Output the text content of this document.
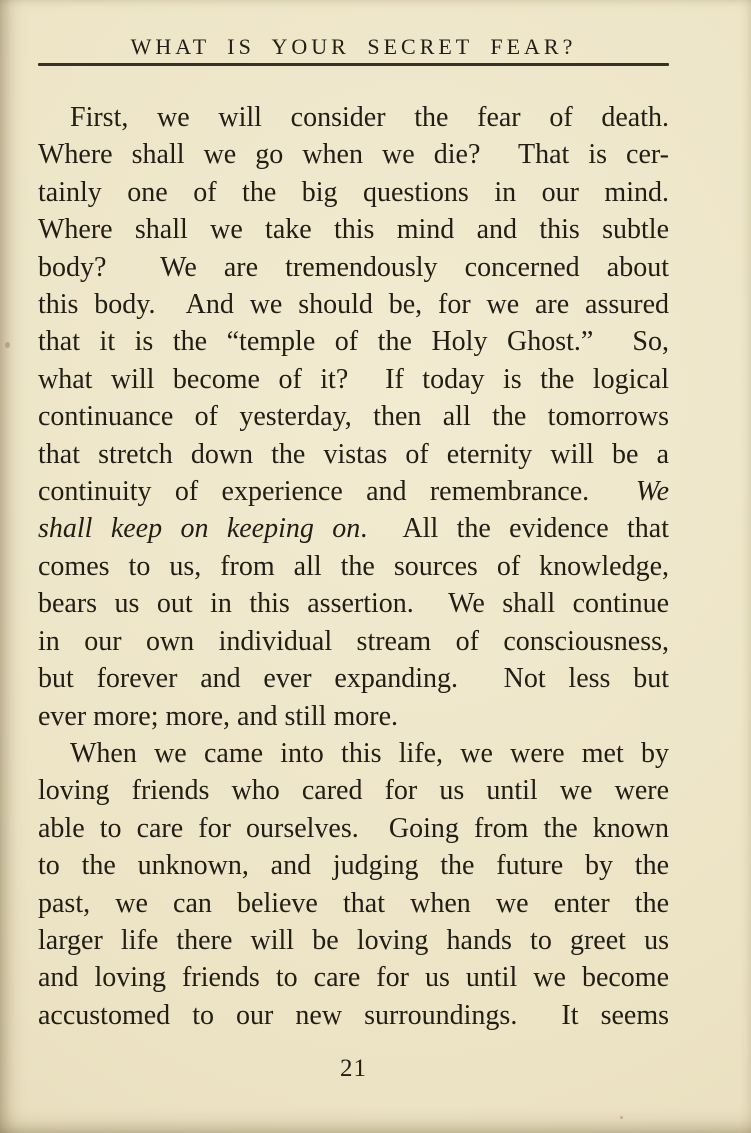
WHAT IS YOUR SECRET FEAR?
First, we will consider the fear of death.
Where shall we go when we die?  That is cer-
tainly one of the big questions in our mind.
Where shall we take this mind and this subtle
body?  We are tremendously concerned about
this body.  And we should be, for we are assured
that it is the “temple of the Holy Ghost.”  So,
what will become of it?  If today is the logical
continuance of yesterday, then all the tomorrows
that stretch down the vistas of eternity will be a
continuity of experience and remembrance.  We
shall keep on keeping on.  All the evidence that
comes to us, from all the sources of knowledge,
bears us out in this assertion.  We shall continue
in our own individual stream of consciousness,
but forever and ever expanding.  Not less but
ever more; more, and still more.
When we came into this life, we were met by
loving friends who cared for us until we were
able to care for ourselves.  Going from the known
to the unknown, and judging the future by the
past, we can believe that when we enter the
larger life there will be loving hands to greet us
and loving friends to care for us until we become
accustomed to our new surroundings.  It seems
21
